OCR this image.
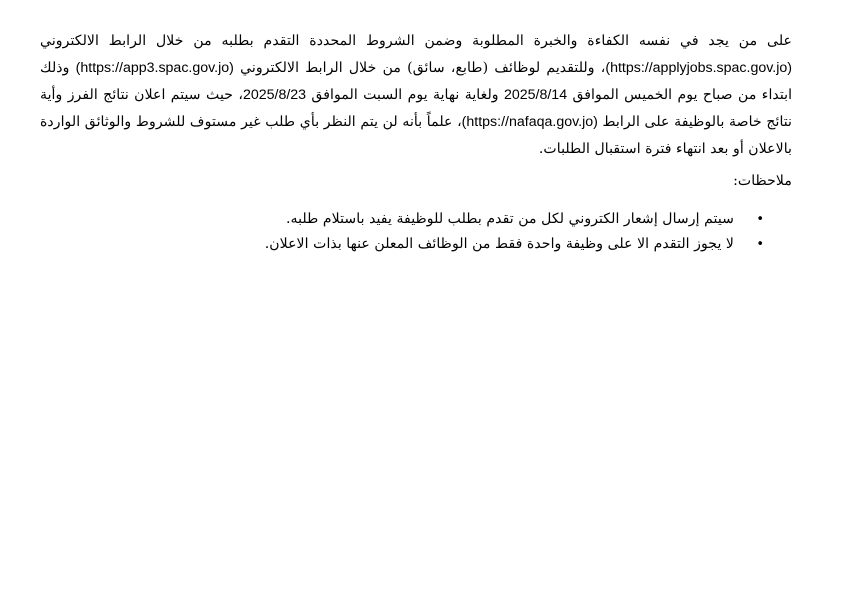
على من يجد في نفسه الكفاءة والخبرة المطلوبة وضمن الشروط المحددة التقدم بطلبه من خلال الرابط الالكتروني (https://applyjobs.spac.gov.jo)، وللتقديم لوظائف (طابع، سائق) من خلال الرابط الالكتروني (https://app3.spac.gov.jo) وذلك ابتداء من صباح يوم الخميس الموافق 2025/8/14 ولغاية نهاية يوم السبت الموافق 2025/8/23، حيث سيتم اعلان نتائج الفرز وأية نتائج خاصة بالوظيفة على الرابط (https://nafaqa.gov.jo)، علماً بأنه لن يتم النظر بأي طلب غير مستوف للشروط والوثائق الواردة بالاعلان أو بعد انتهاء فترة استقبال الطلبات.

ملاحظات:
•
سيتم إرسال إشعار الكتروني لكل من تقدم بطلب للوظيفة يفيد باستلام طلبه.
•
لا يجوز التقدم الا على وظيفة واحدة فقط من الوظائف المعلن عنها بذات الاعلان.
